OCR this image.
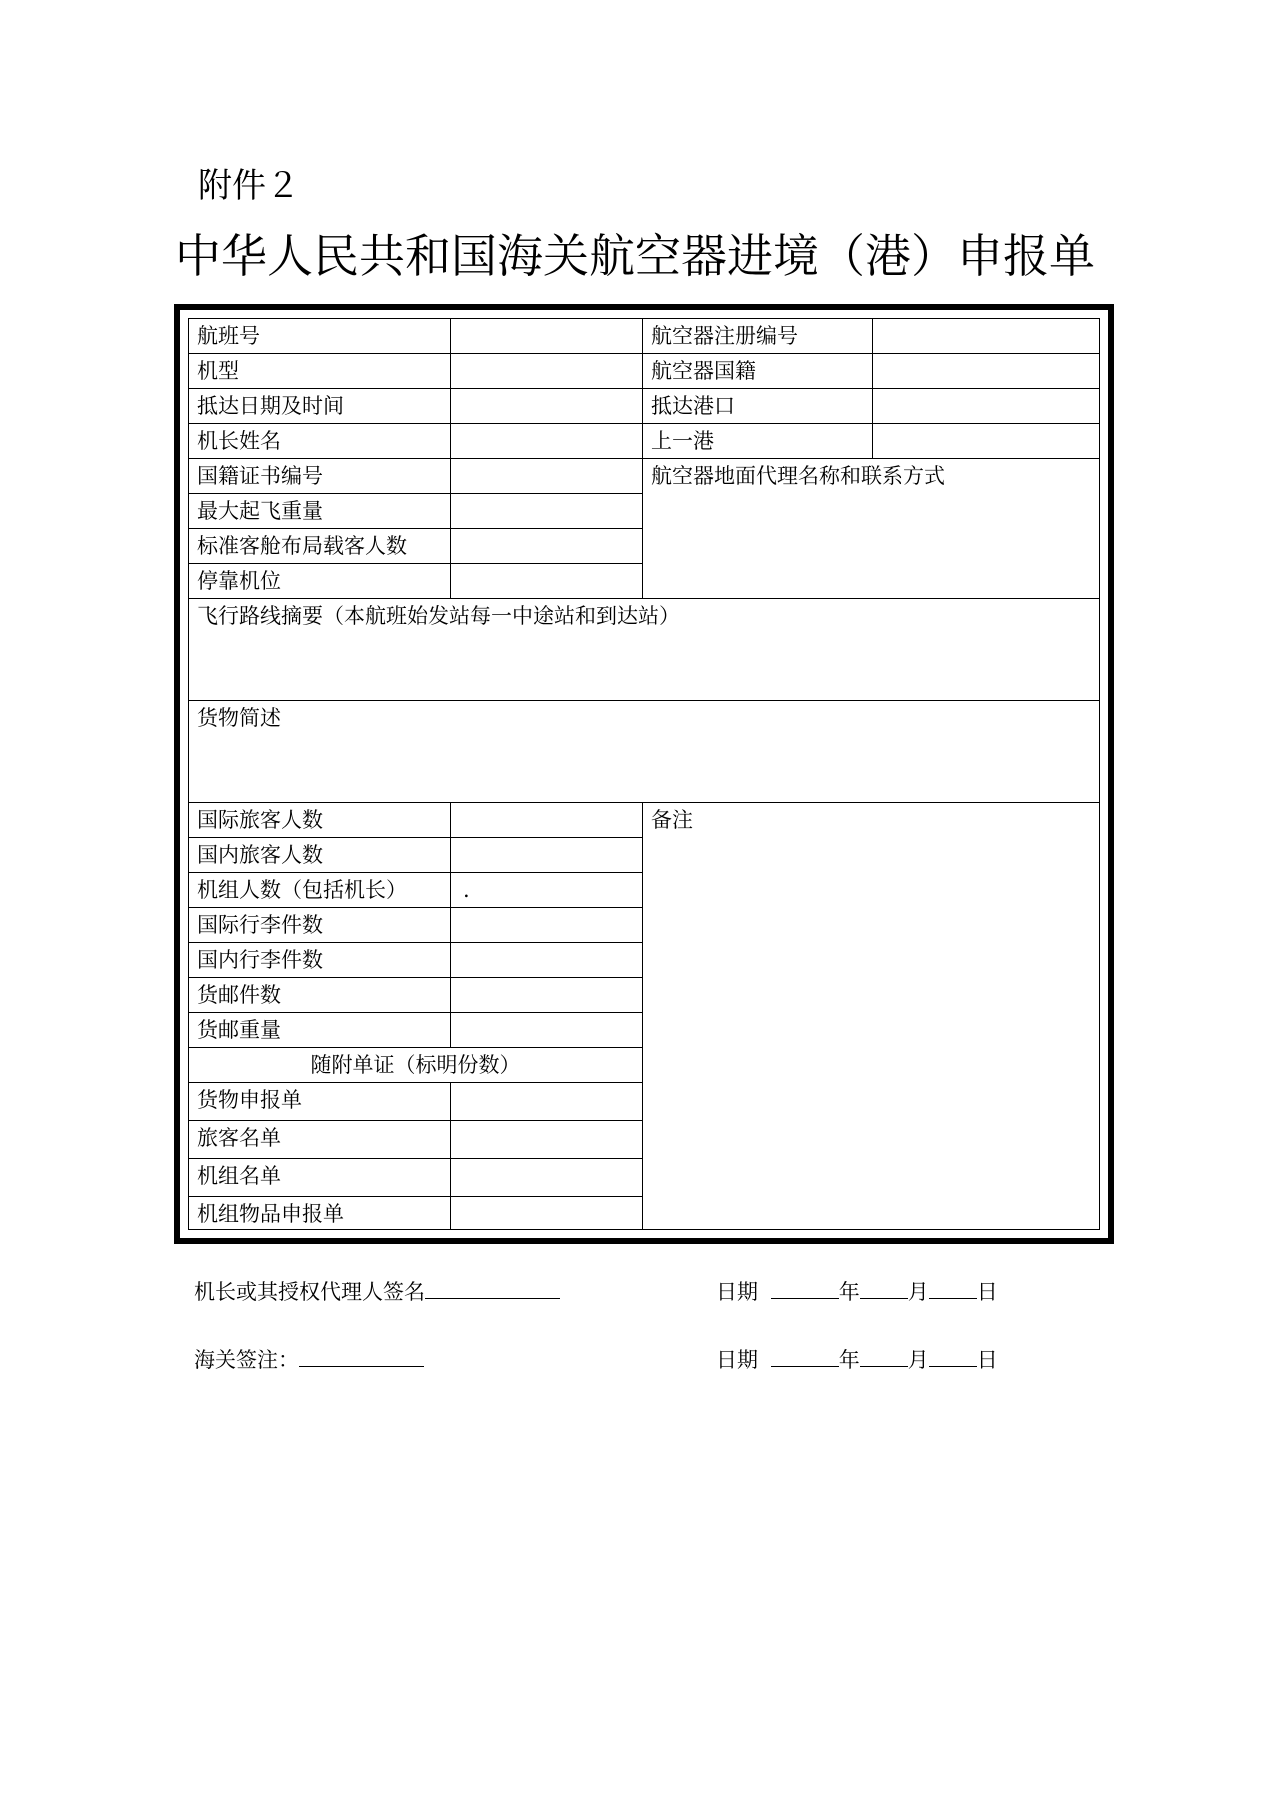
附件２
中华人民共和国海关航空器进境（港）申报单
航班号	航空器注册编号
机型	航空器国籍
抵达日期及时间	抵达港口
机长姓名	上一港
国籍证书编号	航空器地面代理名称和联系方式
最大起飞重量
标准客舱布局载客人数
停靠机位
飞行路线摘要（本航班始发站每一中途站和到达站）
货物简述
国际旅客人数	备注
国内旅客人数
机组人数（包括机长）	.
国际行李件数
国内行李件数
货邮件数
货邮重量
随附单证（标明份数）
货物申报单
旅客名单
机组名单
机组物品申报单
机长或其授权代理人签名	日期	年 月 日
海关签注：	日期	年 月 日
